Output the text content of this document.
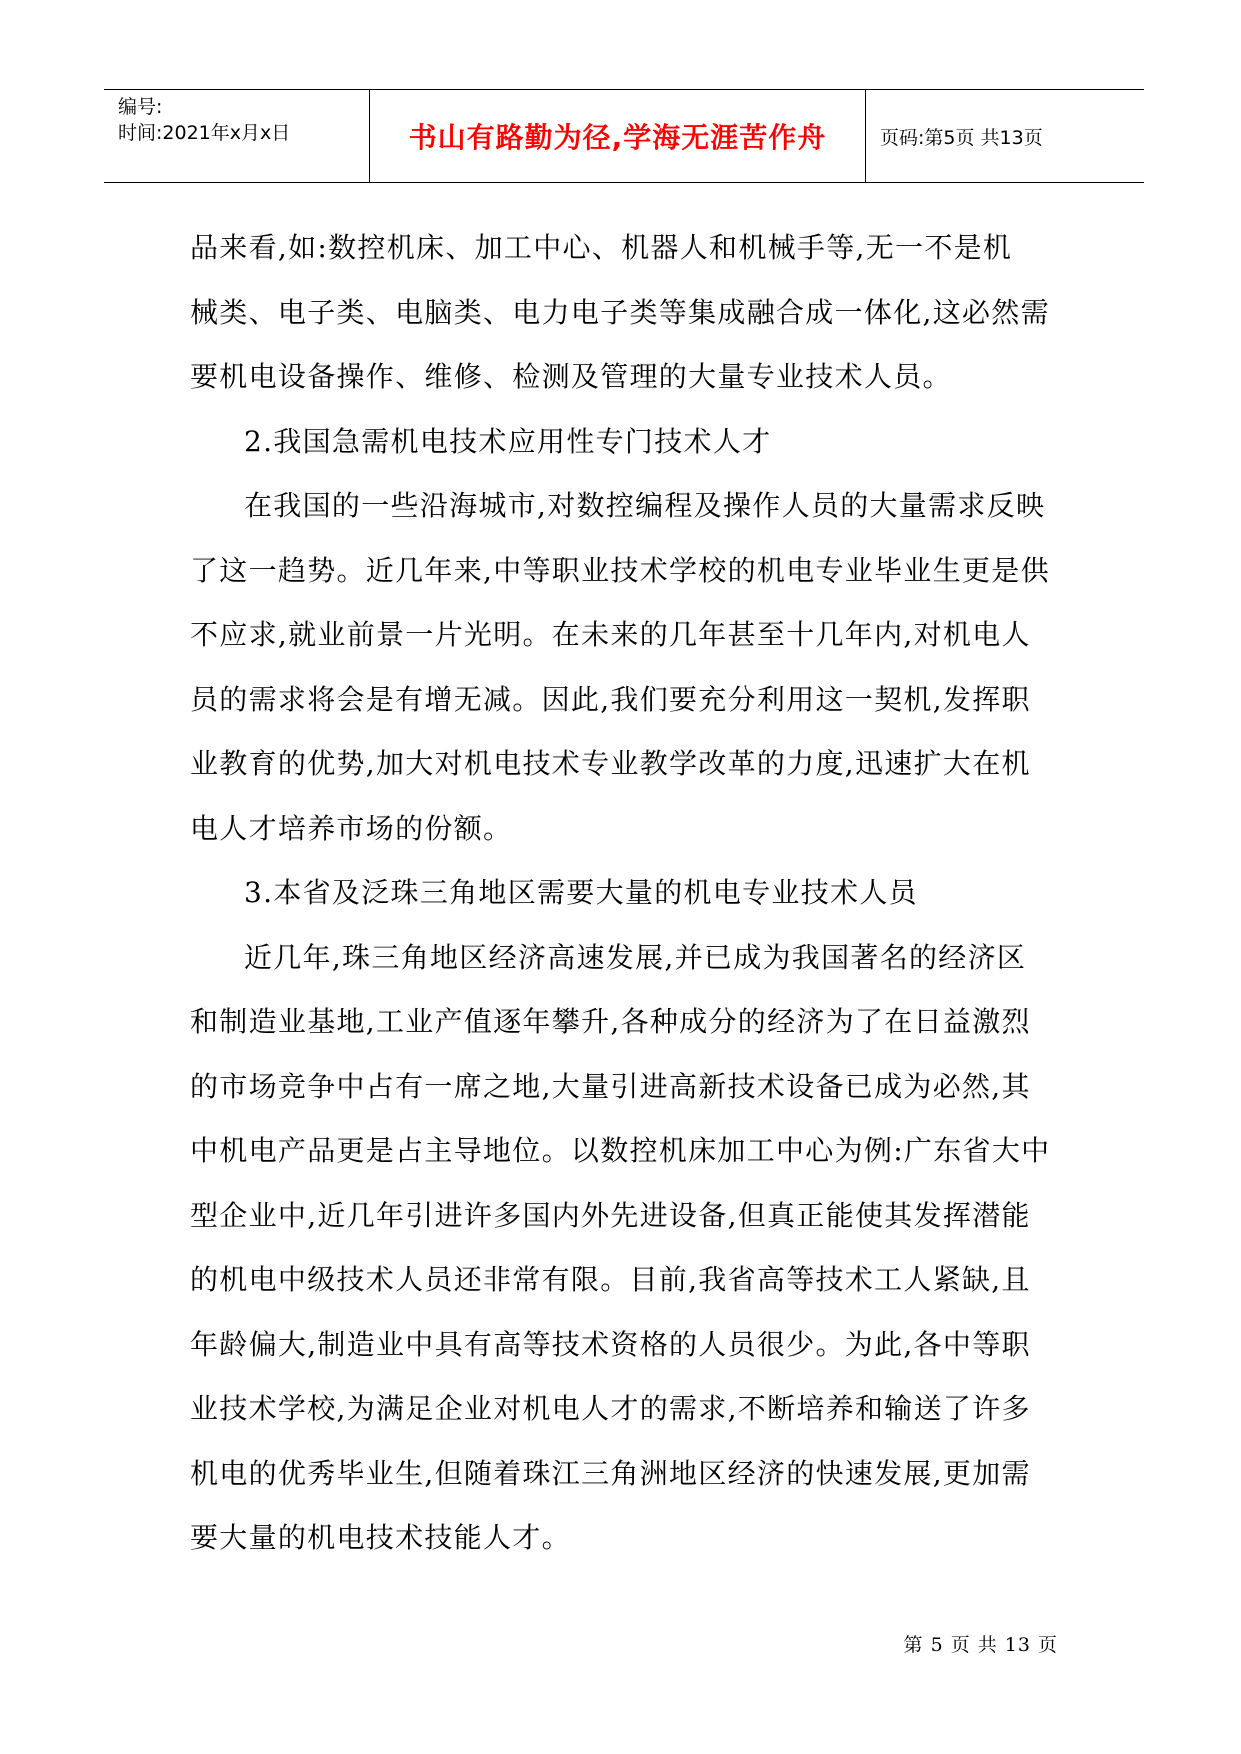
编号:
时间:2021年x月x日	书山有路勤为径,学海无涯苦作舟	页码:第5页 共13页
品来看,如:数控机床、加工中心、机器人和机械手等,无一不是机
械类、电子类、电脑类、电力电子类等集成融合成一体化,这必然需
要机电设备操作、维修、检测及管理的大量专业技术人员。
2.我国急需机电技术应用性专门技术人才
在我国的一些沿海城市,对数控编程及操作人员的大量需求反映
了这一趋势。近几年来,中等职业技术学校的机电专业毕业生更是供
不应求,就业前景一片光明。在未来的几年甚至十几年内,对机电人
员的需求将会是有增无减。因此,我们要充分利用这一契机,发挥职
业教育的优势,加大对机电技术专业教学改革的力度,迅速扩大在机
电人才培养市场的份额。
3.本省及泛珠三角地区需要大量的机电专业技术人员
近几年,珠三角地区经济高速发展,并已成为我国著名的经济区
和制造业基地,工业产值逐年攀升,各种成分的经济为了在日益激烈
的市场竞争中占有一席之地,大量引进高新技术设备已成为必然,其
中机电产品更是占主导地位。以数控机床加工中心为例:广东省大中
型企业中,近几年引进许多国内外先进设备,但真正能使其发挥潜能
的机电中级技术人员还非常有限。目前,我省高等技术工人紧缺,且
年龄偏大,制造业中具有高等技术资格的人员很少。为此,各中等职
业技术学校,为满足企业对机电人才的需求,不断培养和输送了许多
机电的优秀毕业生,但随着珠江三角洲地区经济的快速发展,更加需
要大量的机电技术技能人才。
第 5 页 共 13 页
